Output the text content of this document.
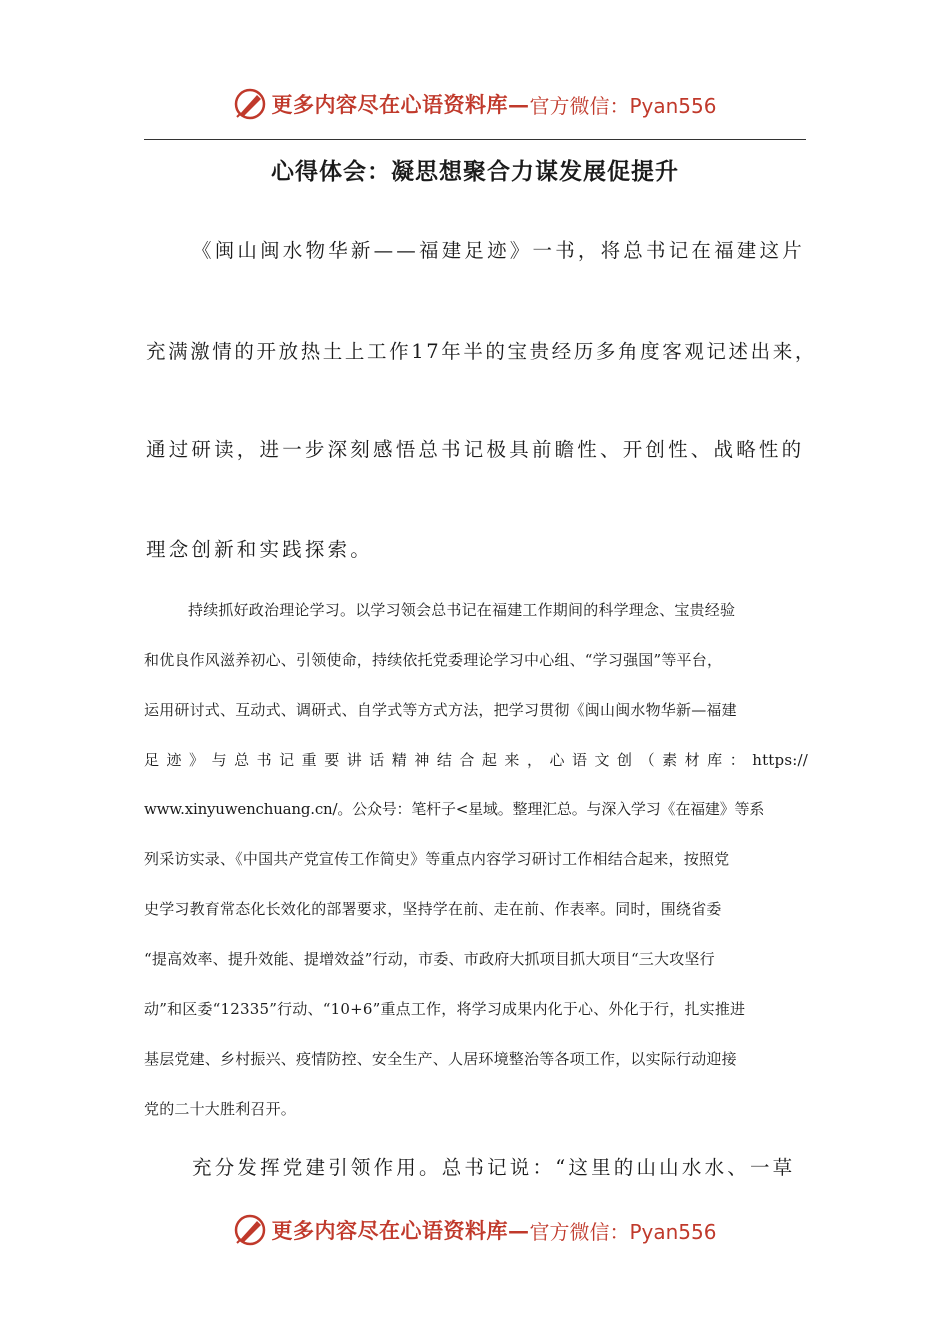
更多内容尽在心语资料库— 官方微信：Pyan556
心得体会：凝思想聚合力谋发展促提升
《闽山闽水物华新——福建足迹》一书，将总书记在福建这片
充满激情的开放热土上工作17年半的宝贵经历多角度客观记述出来，
通过研读，进一步深刻感悟总书记极具前瞻性、开创性、战略性的
理念创新和实践探索。
持续抓好政治理论学习。以学习领会总书记在福建工作期间的科学理念、宝贵经验
和优良作风滋养初心、引领使命，持续依托党委理论学习中心组、“学习强国”等平台，
运用研讨式、互动式、调研式、自学式等方式方法，把学习贯彻《闽山闽水物华新—福建
足迹》与总书记重要讲话精神结合起来，心语文创（素材库：https://
www.xinyuwenchuang.cn/。公众号：笔杆子<星域。整理汇总。与深入学习《在福建》等系
列采访实录、《中国共产党宣传工作简史》等重点内容学习研讨工作相结合起来，按照党
史学习教育常态化长效化的部署要求，坚持学在前、走在前、作表率。同时，围绕省委
“提高效率、提升效能、提增效益”行动，市委、市政府大抓项目抓大项目“三大攻坚行
动”和区委“12335”行动、“10+6”重点工作，将学习成果内化于心、外化于行，扎实推进
基层党建、乡村振兴、疫情防控、安全生产、人居环境整治等各项工作，以实际行动迎接
党的二十大胜利召开。
充分发挥党建引领作用。总书记说：“这里的山山水水、一草
更多内容尽在心语资料库— 官方微信：Pyan556
